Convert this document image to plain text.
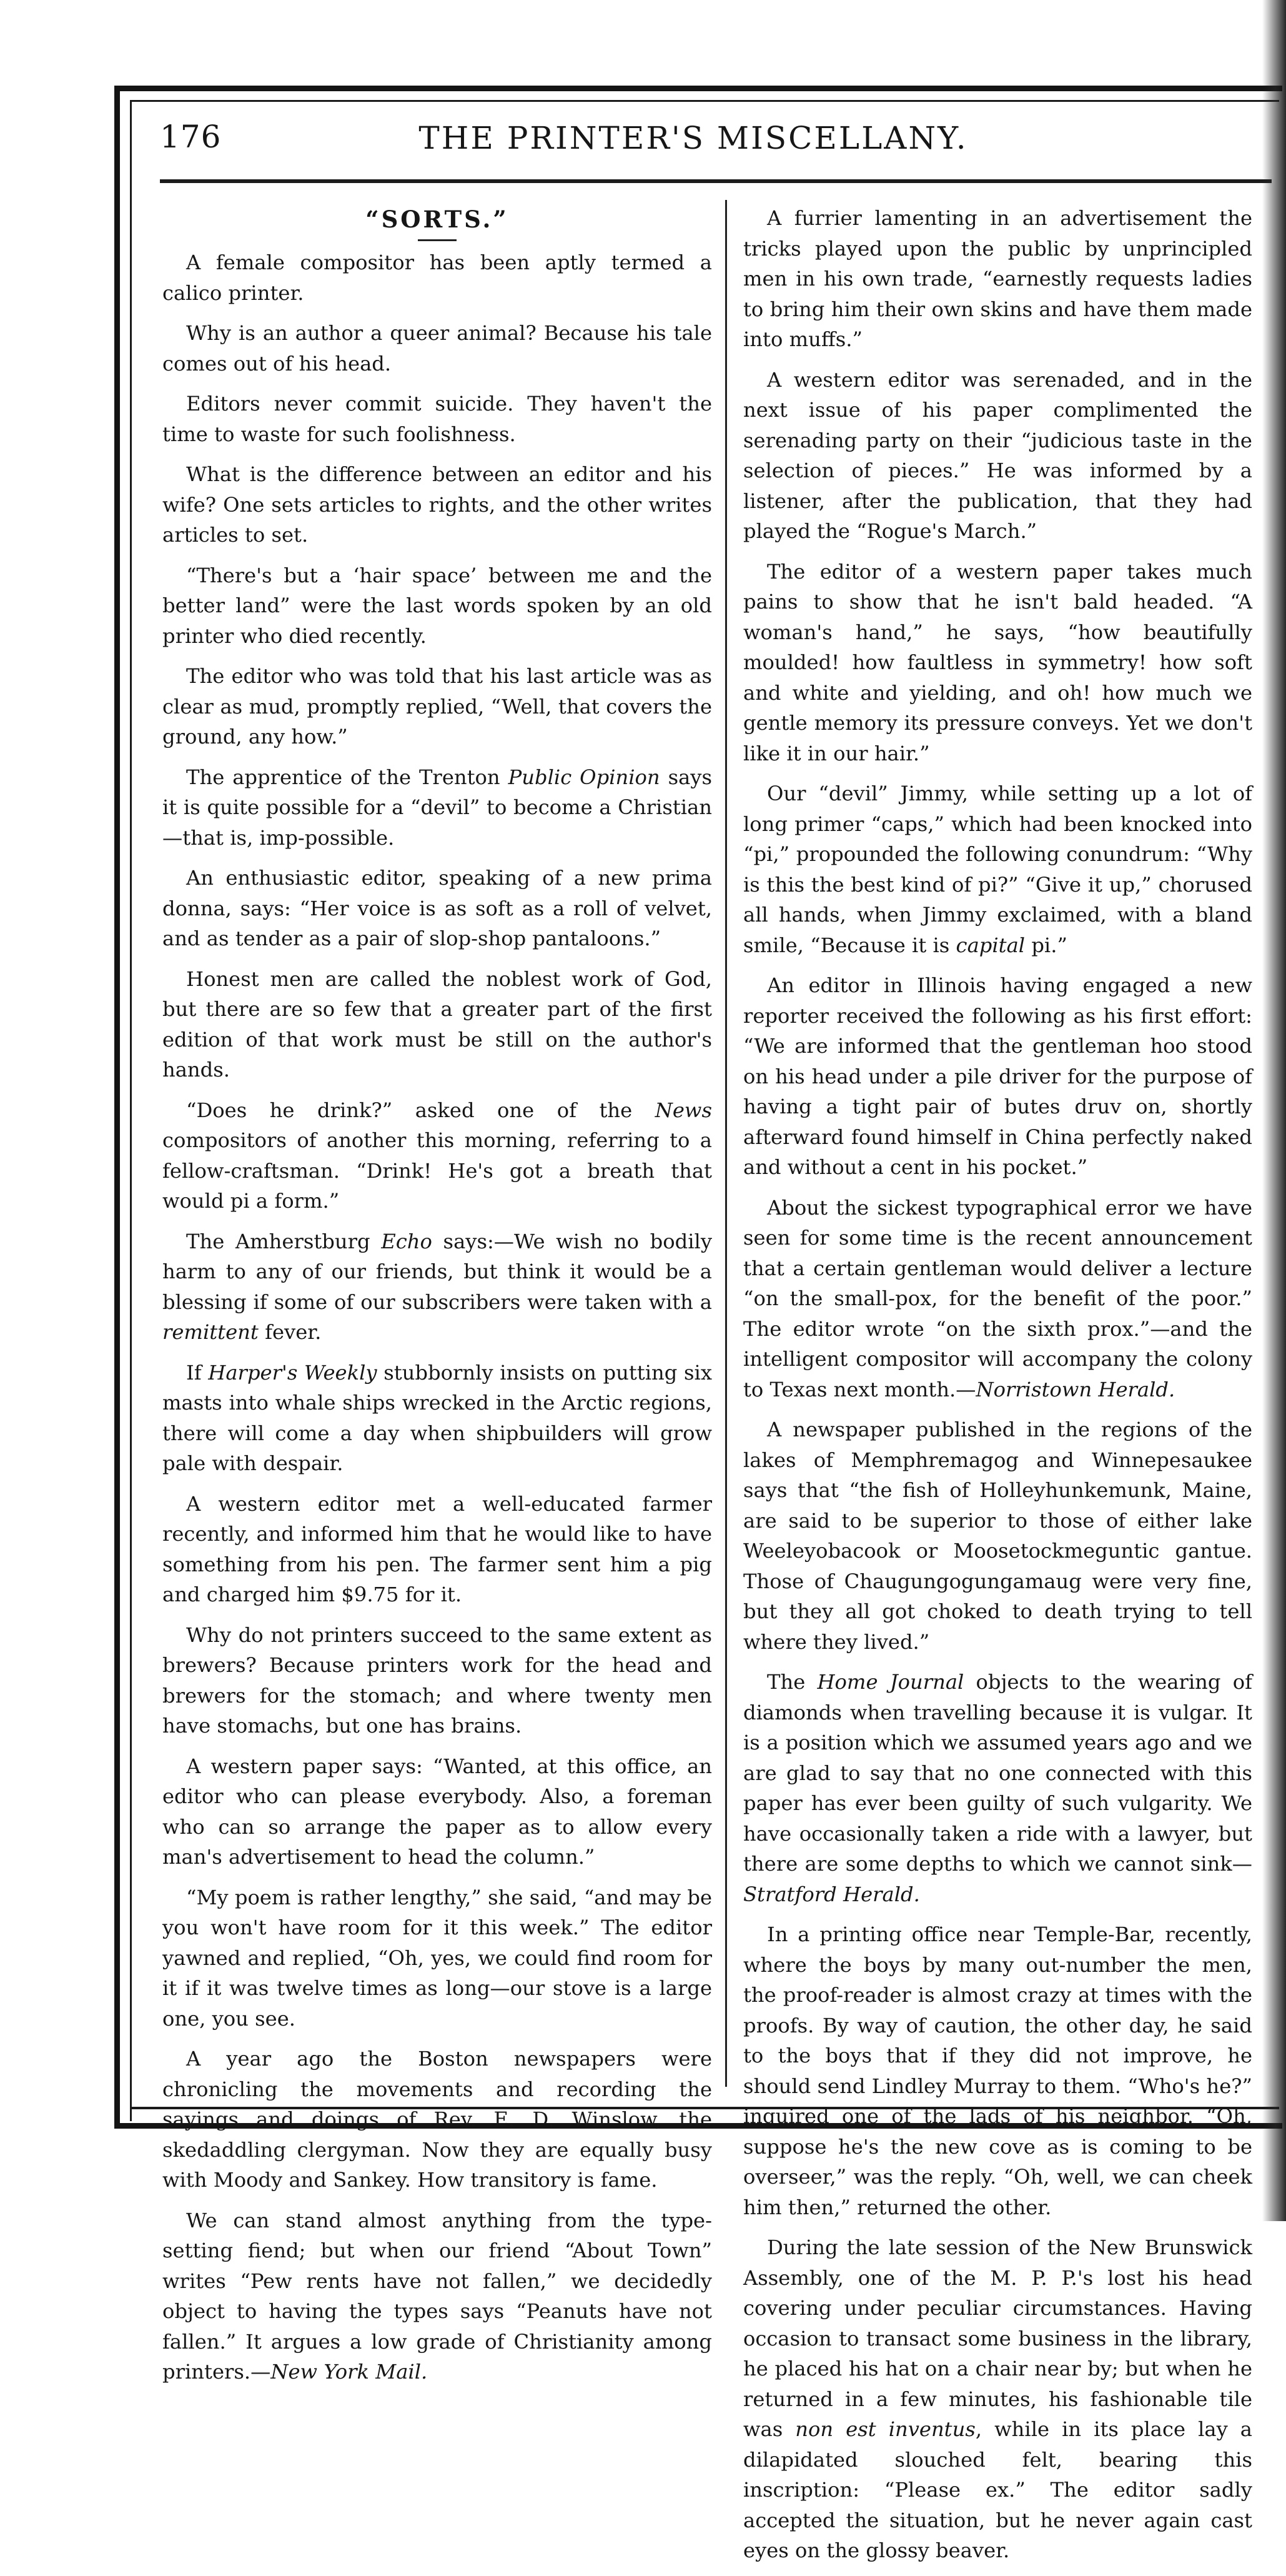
176	THE PRINTER'S MISCELLANY.
“SORTS.”

A female compositor has been aptly termed a calico printer.

Why is an author a queer animal? Because his tale comes out of his head.

Editors never commit suicide. They haven't the time to waste for such foolishness.

What is the difference between an editor and his wife? One sets articles to rights, and the other writes articles to set.

“There's but a ‘hair space’ between me and the better land” were the last words spoken by an old printer who died recently.

The editor who was told that his last article was as clear as mud, promptly replied, “Well, that covers the ground, any how.”

The apprentice of the Trenton Public Opinion says it is quite possible for a “devil” to become a Christian—that is, imp-possible.

An enthusiastic editor, speaking of a new prima donna, says: “Her voice is as soft as a roll of velvet, and as tender as a pair of slop-shop pantaloons.”

Honest men are called the noblest work of God, but there are so few that a greater part of the first edition of that work must be still on the author's hands.

“Does he drink?” asked one of the News compositors of another this morning, referring to a fellow-craftsman. “Drink! He's got a breath that would pi a form.”

The Amherstburg Echo says:—We wish no bodily harm to any of our friends, but think it would be a blessing if some of our subscribers were taken with a remittent fever.

If Harper's Weekly stubbornly insists on putting six masts into whale ships wrecked in the Arctic regions, there will come a day when shipbuilders will grow pale with despair.

A western editor met a well-educated farmer recently, and informed him that he would like to have something from his pen. The farmer sent him a pig and charged him $9.75 for it.

Why do not printers succeed to the same extent as brewers? Because printers work for the head and brewers for the stomach; and where twenty men have stomachs, but one has brains.

A western paper says: “Wanted, at this office, an editor who can please everybody. Also, a foreman who can so arrange the paper as to allow every man's advertisement to head the column.”

“My poem is rather lengthy,” she said, “and may be you won't have room for it this week.” The editor yawned and replied, “Oh, yes, we could find room for it if it was twelve times as long—our stove is a large one, you see.

A year ago the Boston newspapers were chronicling the movements and recording the sayings and doings of Rev. E. D. Winslow, the skedaddling clergyman. Now they are equally busy with Moody and Sankey. How transitory is fame.

We can stand almost anything from the type-setting fiend; but when our friend “About Town” writes “Pew rents have not fallen,” we decidedly object to having the types says “Peanuts have not fallen.” It argues a low grade of Christianity among printers.—New York Mail.

A furrier lamenting in an advertisement the tricks played upon the public by unprincipled men in his own trade, “earnestly requests ladies to bring him their own skins and have them made into muffs.”

A western editor was serenaded, and in the next issue of his paper complimented the serenading party on their “judicious taste in the selection of pieces.” He was informed by a listener, after the publication, that they had played the “Rogue's March.”

The editor of a western paper takes much pains to show that he isn't bald headed. “A woman's hand,” he says, “how beautifully moulded! how faultless in symmetry! how soft and white and yielding, and oh! how much we gentle memory its pressure conveys. Yet we don't like it in our hair.”

Our “devil” Jimmy, while setting up a lot of long primer “caps,” which had been knocked into “pi,” propounded the following conundrum: “Why is this the best kind of pi?” “Give it up,” chorused all hands, when Jimmy exclaimed, with a bland smile, “Because it is capital pi.”

An editor in Illinois having engaged a new reporter received the following as his first effort: “We are informed that the gentleman hoo stood on his head under a pile driver for the purpose of having a tight pair of butes druv on, shortly afterward found himself in China perfectly naked and without a cent in his pocket.”

About the sickest typographical error we have seen for some time is the recent announcement that a certain gentleman would deliver a lecture “on the small-pox, for the benefit of the poor.” The editor wrote “on the sixth prox.”—and the intelligent compositor will accompany the colony to Texas next month.—Norristown Herald.

A newspaper published in the regions of the lakes of Memphremagog and Winnepesaukee says that “the fish of Holleyhunkemunk, Maine, are said to be superior to those of either lake Weeleyobacook or Moosetockmeguntic gantue. Those of Chaugungogungamaug were very fine, but they all got choked to death trying to tell where they lived.”

The Home Journal objects to the wearing of diamonds when travelling because it is vulgar. It is a position which we assumed years ago and we are glad to say that no one connected with this paper has ever been guilty of such vulgarity. We have occasionally taken a ride with a lawyer, but there are some depths to which we cannot sink—Stratford Herald.

In a printing office near Temple-Bar, recently, where the boys by many out-number the men, the proof-reader is almost crazy at times with the proofs. By way of caution, the other day, he said to the boys that if they did not improve, he should send Lindley Murray to them. “Who's he?” inquired one of the lads of his neighbor. “Oh, suppose he's the new cove as is coming to be overseer,” was the reply. “Oh, well, we can cheek him then,” returned the other.

During the late session of the New Brunswick Assembly, one of the M. P. P.'s lost his head covering under peculiar circumstances. Having occasion to transact some business in the library, he placed his hat on a chair near by; but when he returned in a few minutes, his fashionable tile was non est inventus, while in its place lay a dilapidated slouched felt, bearing this inscription: “Please ex.” The editor sadly accepted the situation, but he never again cast eyes on the glossy beaver.
